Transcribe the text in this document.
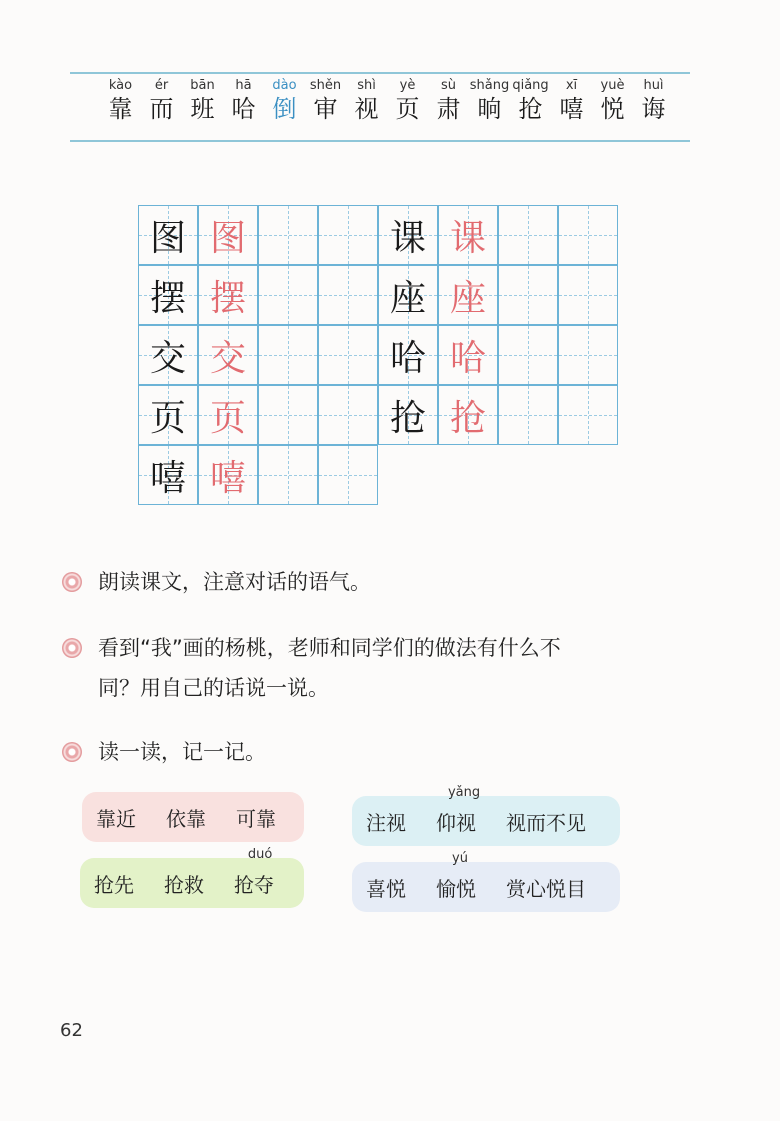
kào
靠
ér
而
bān
班
hā
哈
dào
倒
shěn
审
shì
视
yè
页
sù
肃
shǎng
晌
qiǎng
抢
xī
嘻
yuè
悦
huì
诲
图 图	课 课
摆 摆	座 座
交 交	哈 哈
页 页	抢 抢
嘻 嘻
朗读课文，注意对话的语气。
看到“我”画的杨桃，老师和同学们的做法有什么不
同？用自己的话说一说。
读一读，记一记。
靠近 依靠 可靠	注视 仰视
yǎng
视而不见
抢先 抢救 抢夺
duó
喜悦 愉悦
yú
赏心悦目
62
